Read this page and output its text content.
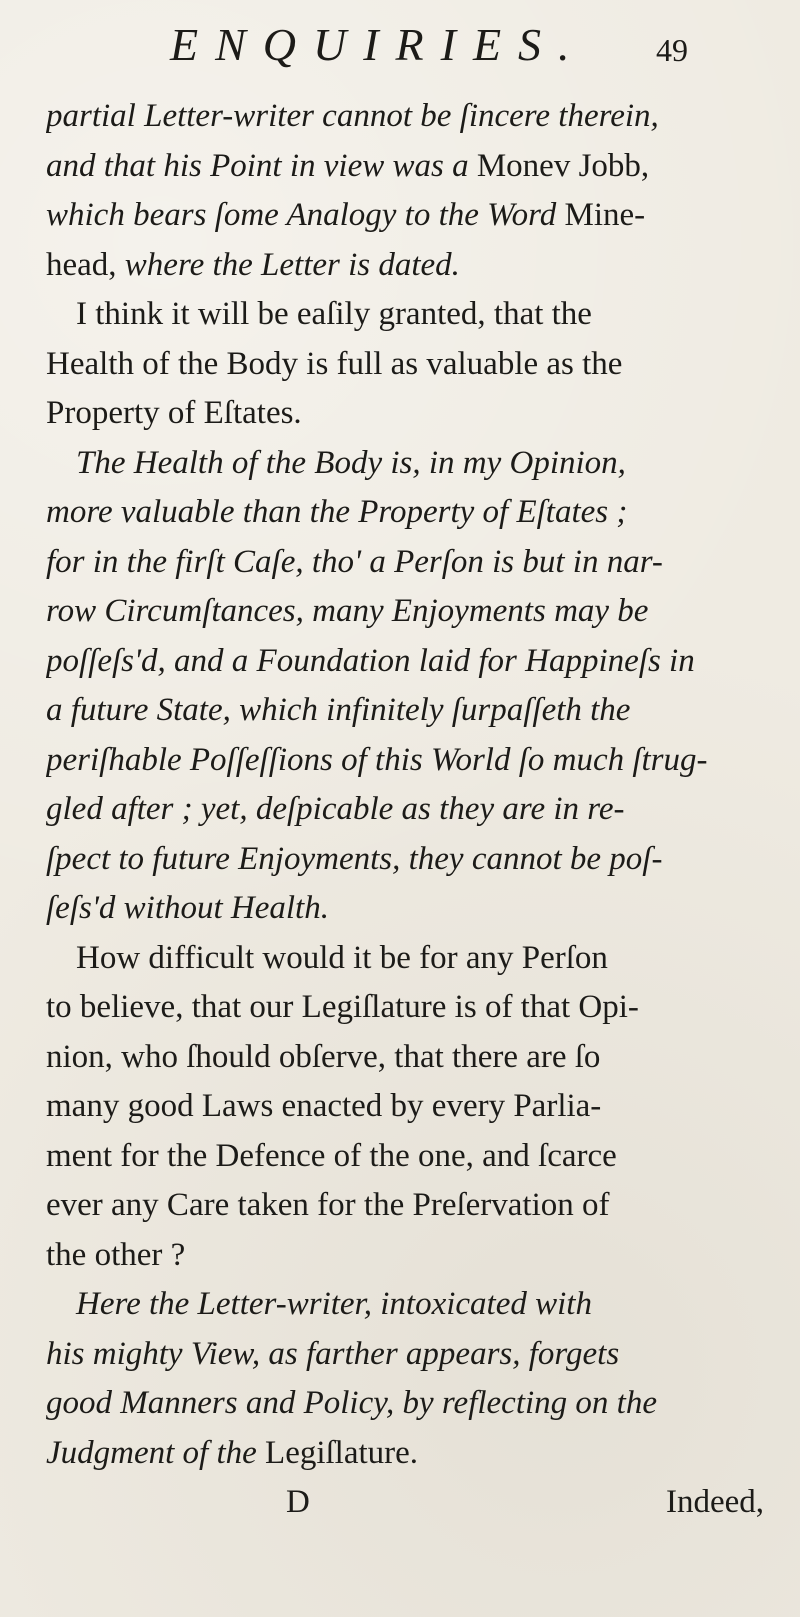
ENQUIRIES. 49
partial Letter-writer cannot be ſincere therein,
and that his Point in view was a Monev Jobb,
which bears ſome Analogy to the Word Mine-
head, where the Letter is dated.
I think it will be eaſily granted, that the
Health of the Body is full as valuable as the
Property of Eſtates.
The Health of the Body is, in my Opinion,
more valuable than the Property of Eſtates ;
for in the firſt Caſe, tho' a Perſon is but in nar-
row Circumſtances, many Enjoyments may be
poſſeſs'd, and a Foundation laid for Happineſs in
a future State, which infinitely ſurpaſſeth the
periſhable Poſſeſſions of this World ſo much ſtrug-
gled after ; yet, deſpicable as they are in re-
ſpect to future Enjoyments, they cannot be poſ-
ſeſs'd without Health.
How difficult would it be for any Perſon
to believe, that our Legiſlature is of that Opi-
nion, who ſhould obſerve, that there are ſo
many good Laws enacted by every Parlia-
ment for the Defence of the one, and ſcarce
ever any Care taken for the Preſervation of
the other ?
Here the Letter-writer, intoxicated with
his mighty View, as farther appears, forgets
good Manners and Policy, by reflecting on the
Judgment of the Legiſlature.
D	Indeed,
